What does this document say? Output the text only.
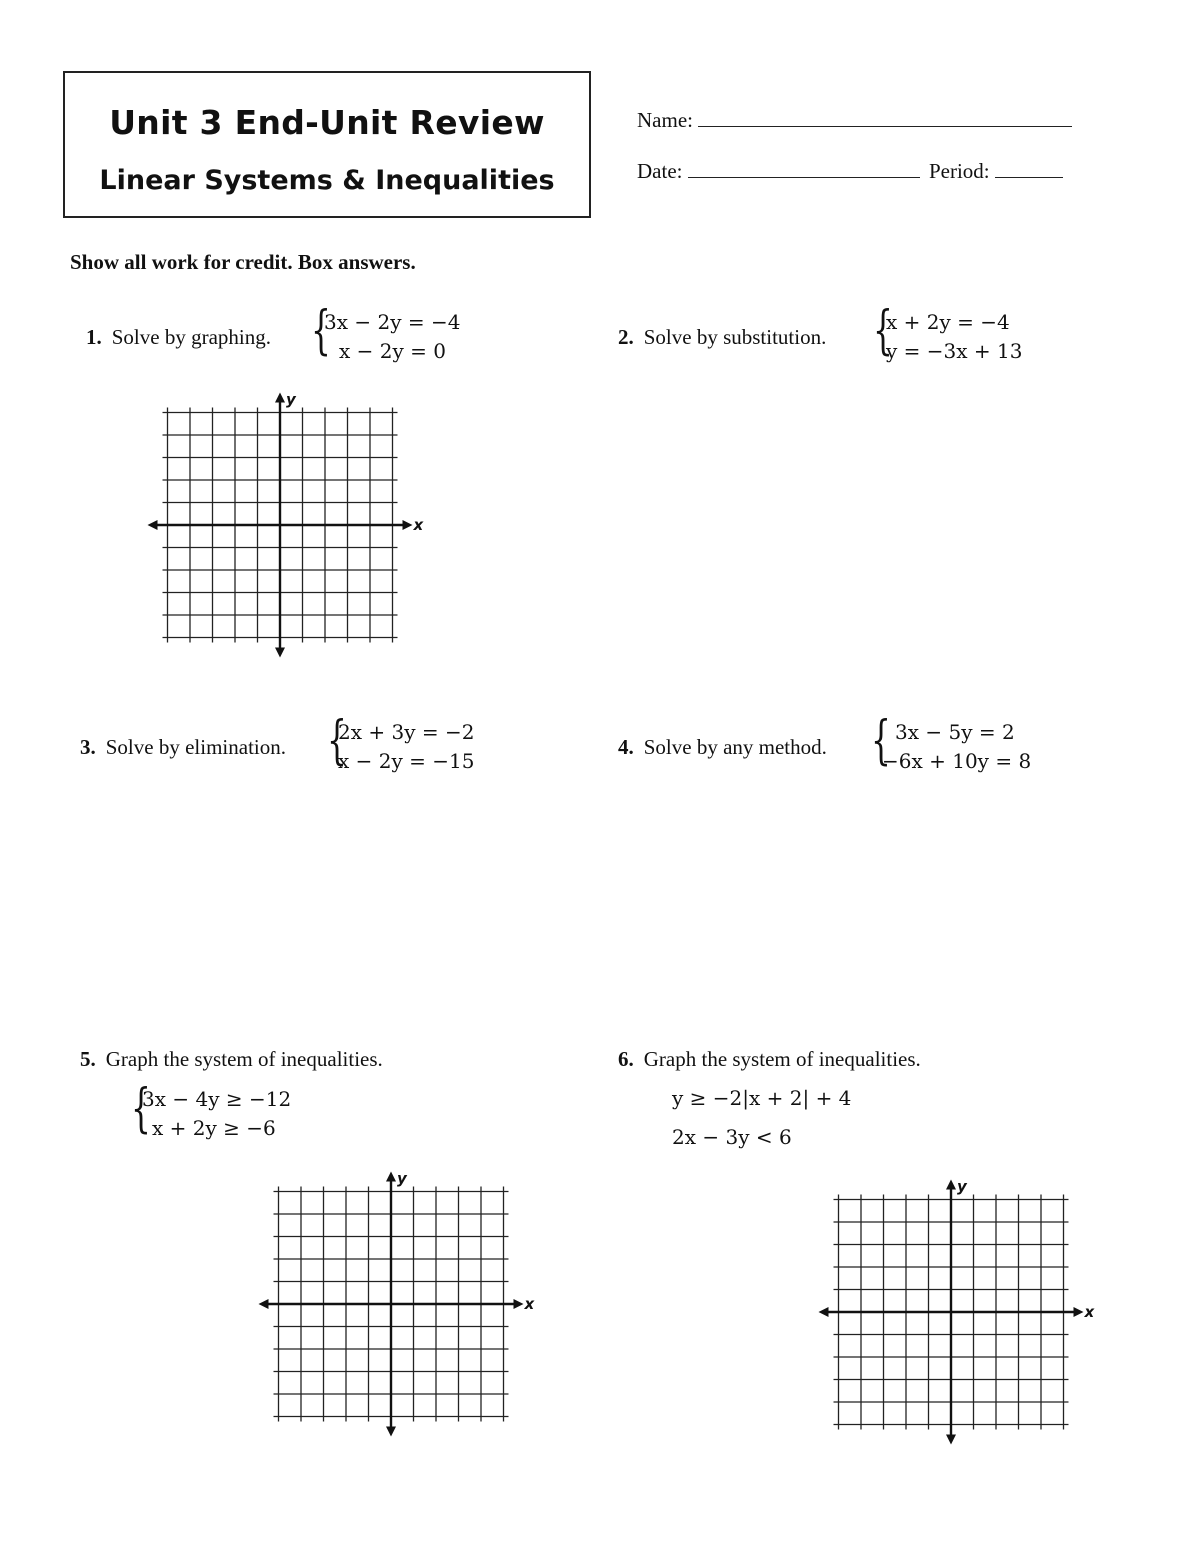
Unit 3 End-Unit Review
Linear Systems & Inequalities
Name:
Date:	Period:
Show all work for credit. Box answers.
1. Solve by graphing. {
3x − 2y = −4
x − 2y = 0
2. Solve by substitution. {
x + 2y = −4
y = −3x + 13
3. Solve by elimination. {
2x + 3y = −2
x − 2y = −15
4. Solve by any method. { 3x − 5y = 2
−6x + 10y = 8
5. Graph the system of inequalities.
{
3x − 4y ≥ −12
x + 2y ≥ −6
6. Graph the system of inequalities.
y ≥ −2|x + 2| + 4
2x − 3y < 6
x
y
x
y
x
y
